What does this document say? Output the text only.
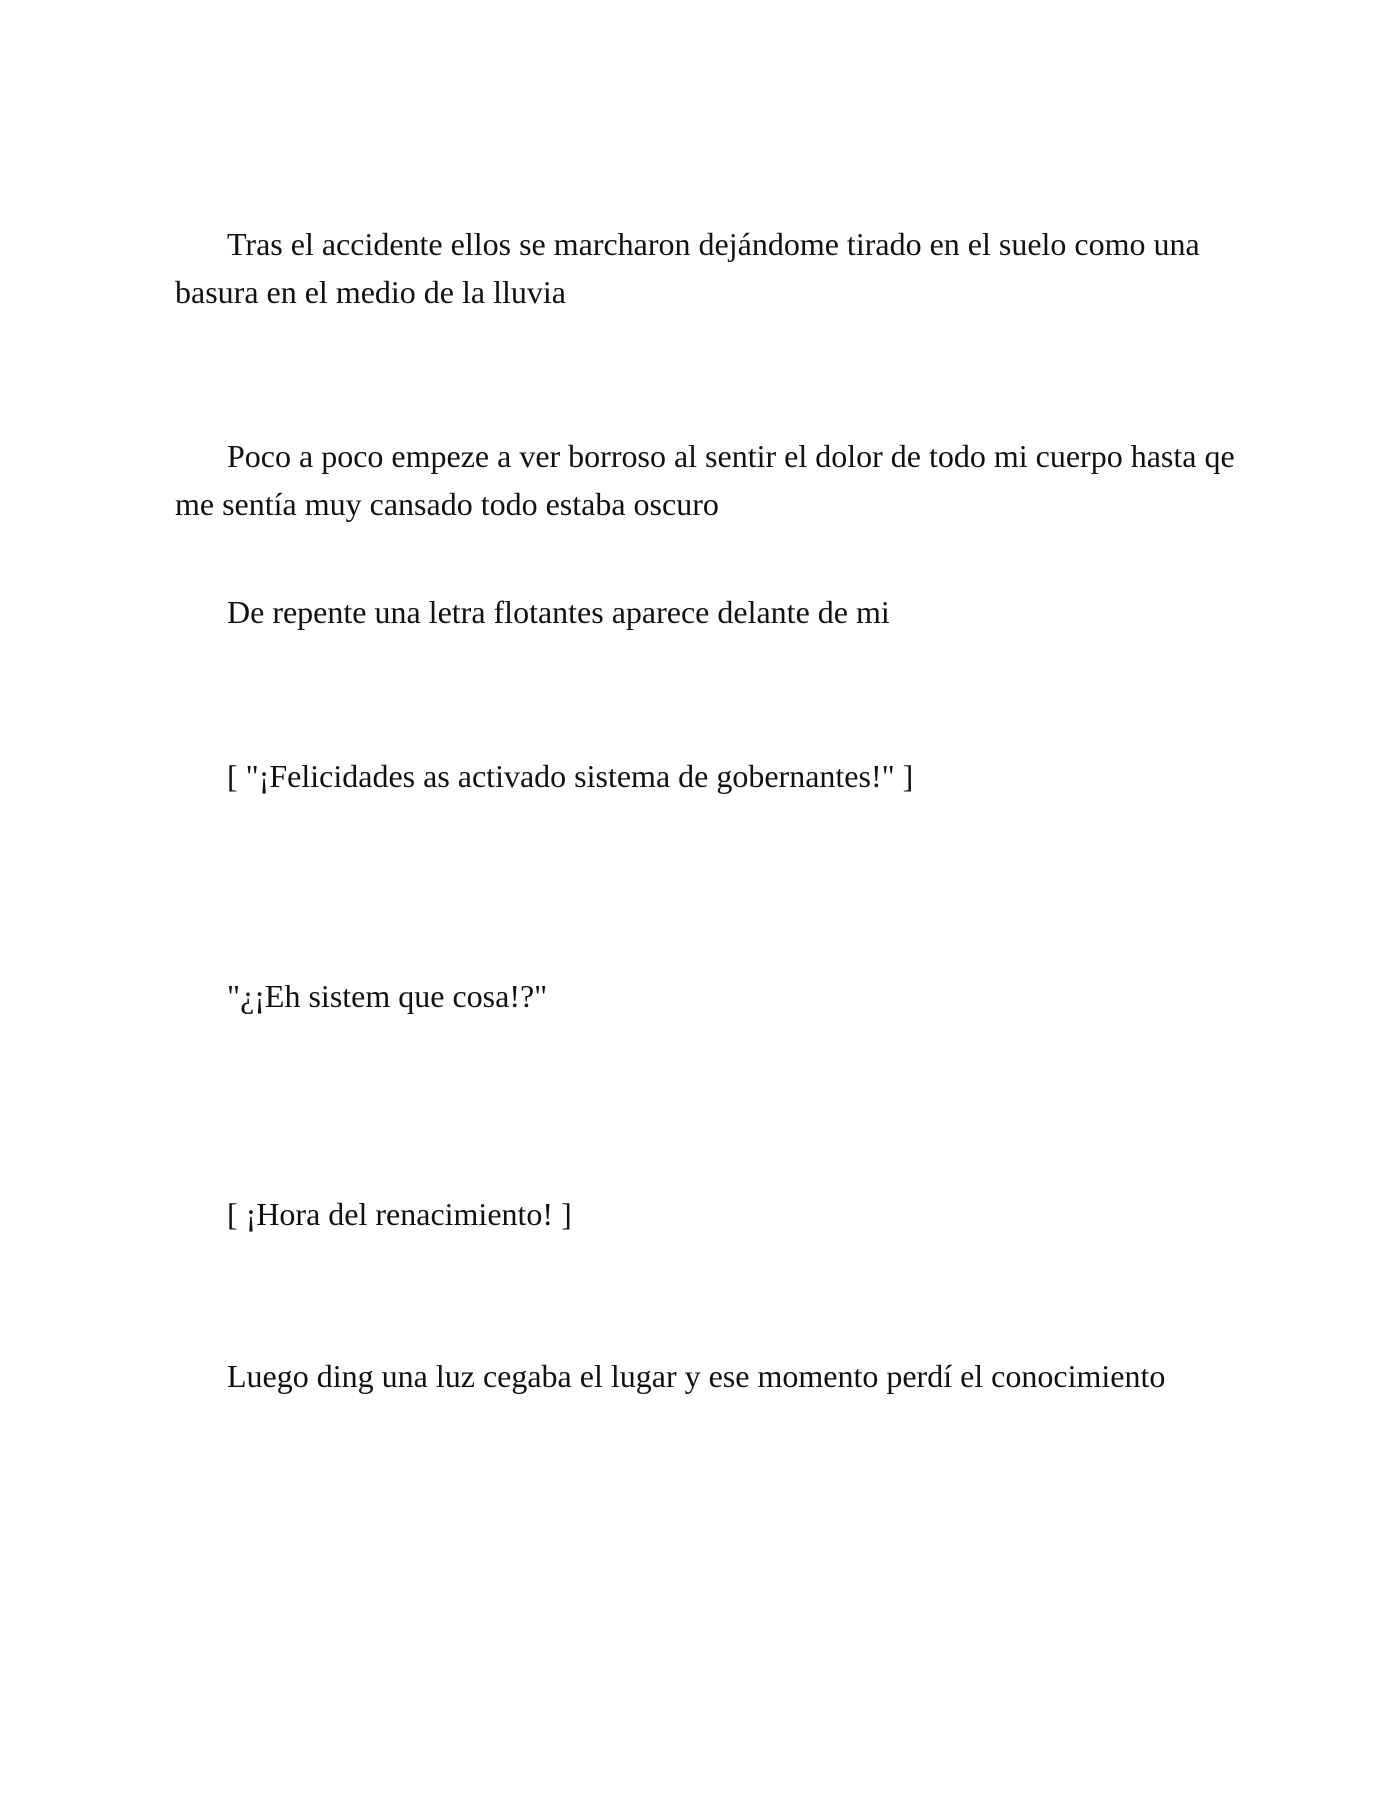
Tras el accidente ellos se marcharon dejándome tirado en el suelo como una basura en el medio de la lluvia

Poco a poco empeze a ver borroso al sentir el dolor de todo mi cuerpo hasta qe me sentía muy cansado todo estaba oscuro

De repente una letra flotantes aparece delante de mi

[ "¡Felicidades as activado sistema de gobernantes!" ]

"¿¡Eh sistem que cosa!?"

[ ¡Hora del renacimiento! ]

Luego ding una luz cegaba el lugar y ese momento perdí el conocimiento
